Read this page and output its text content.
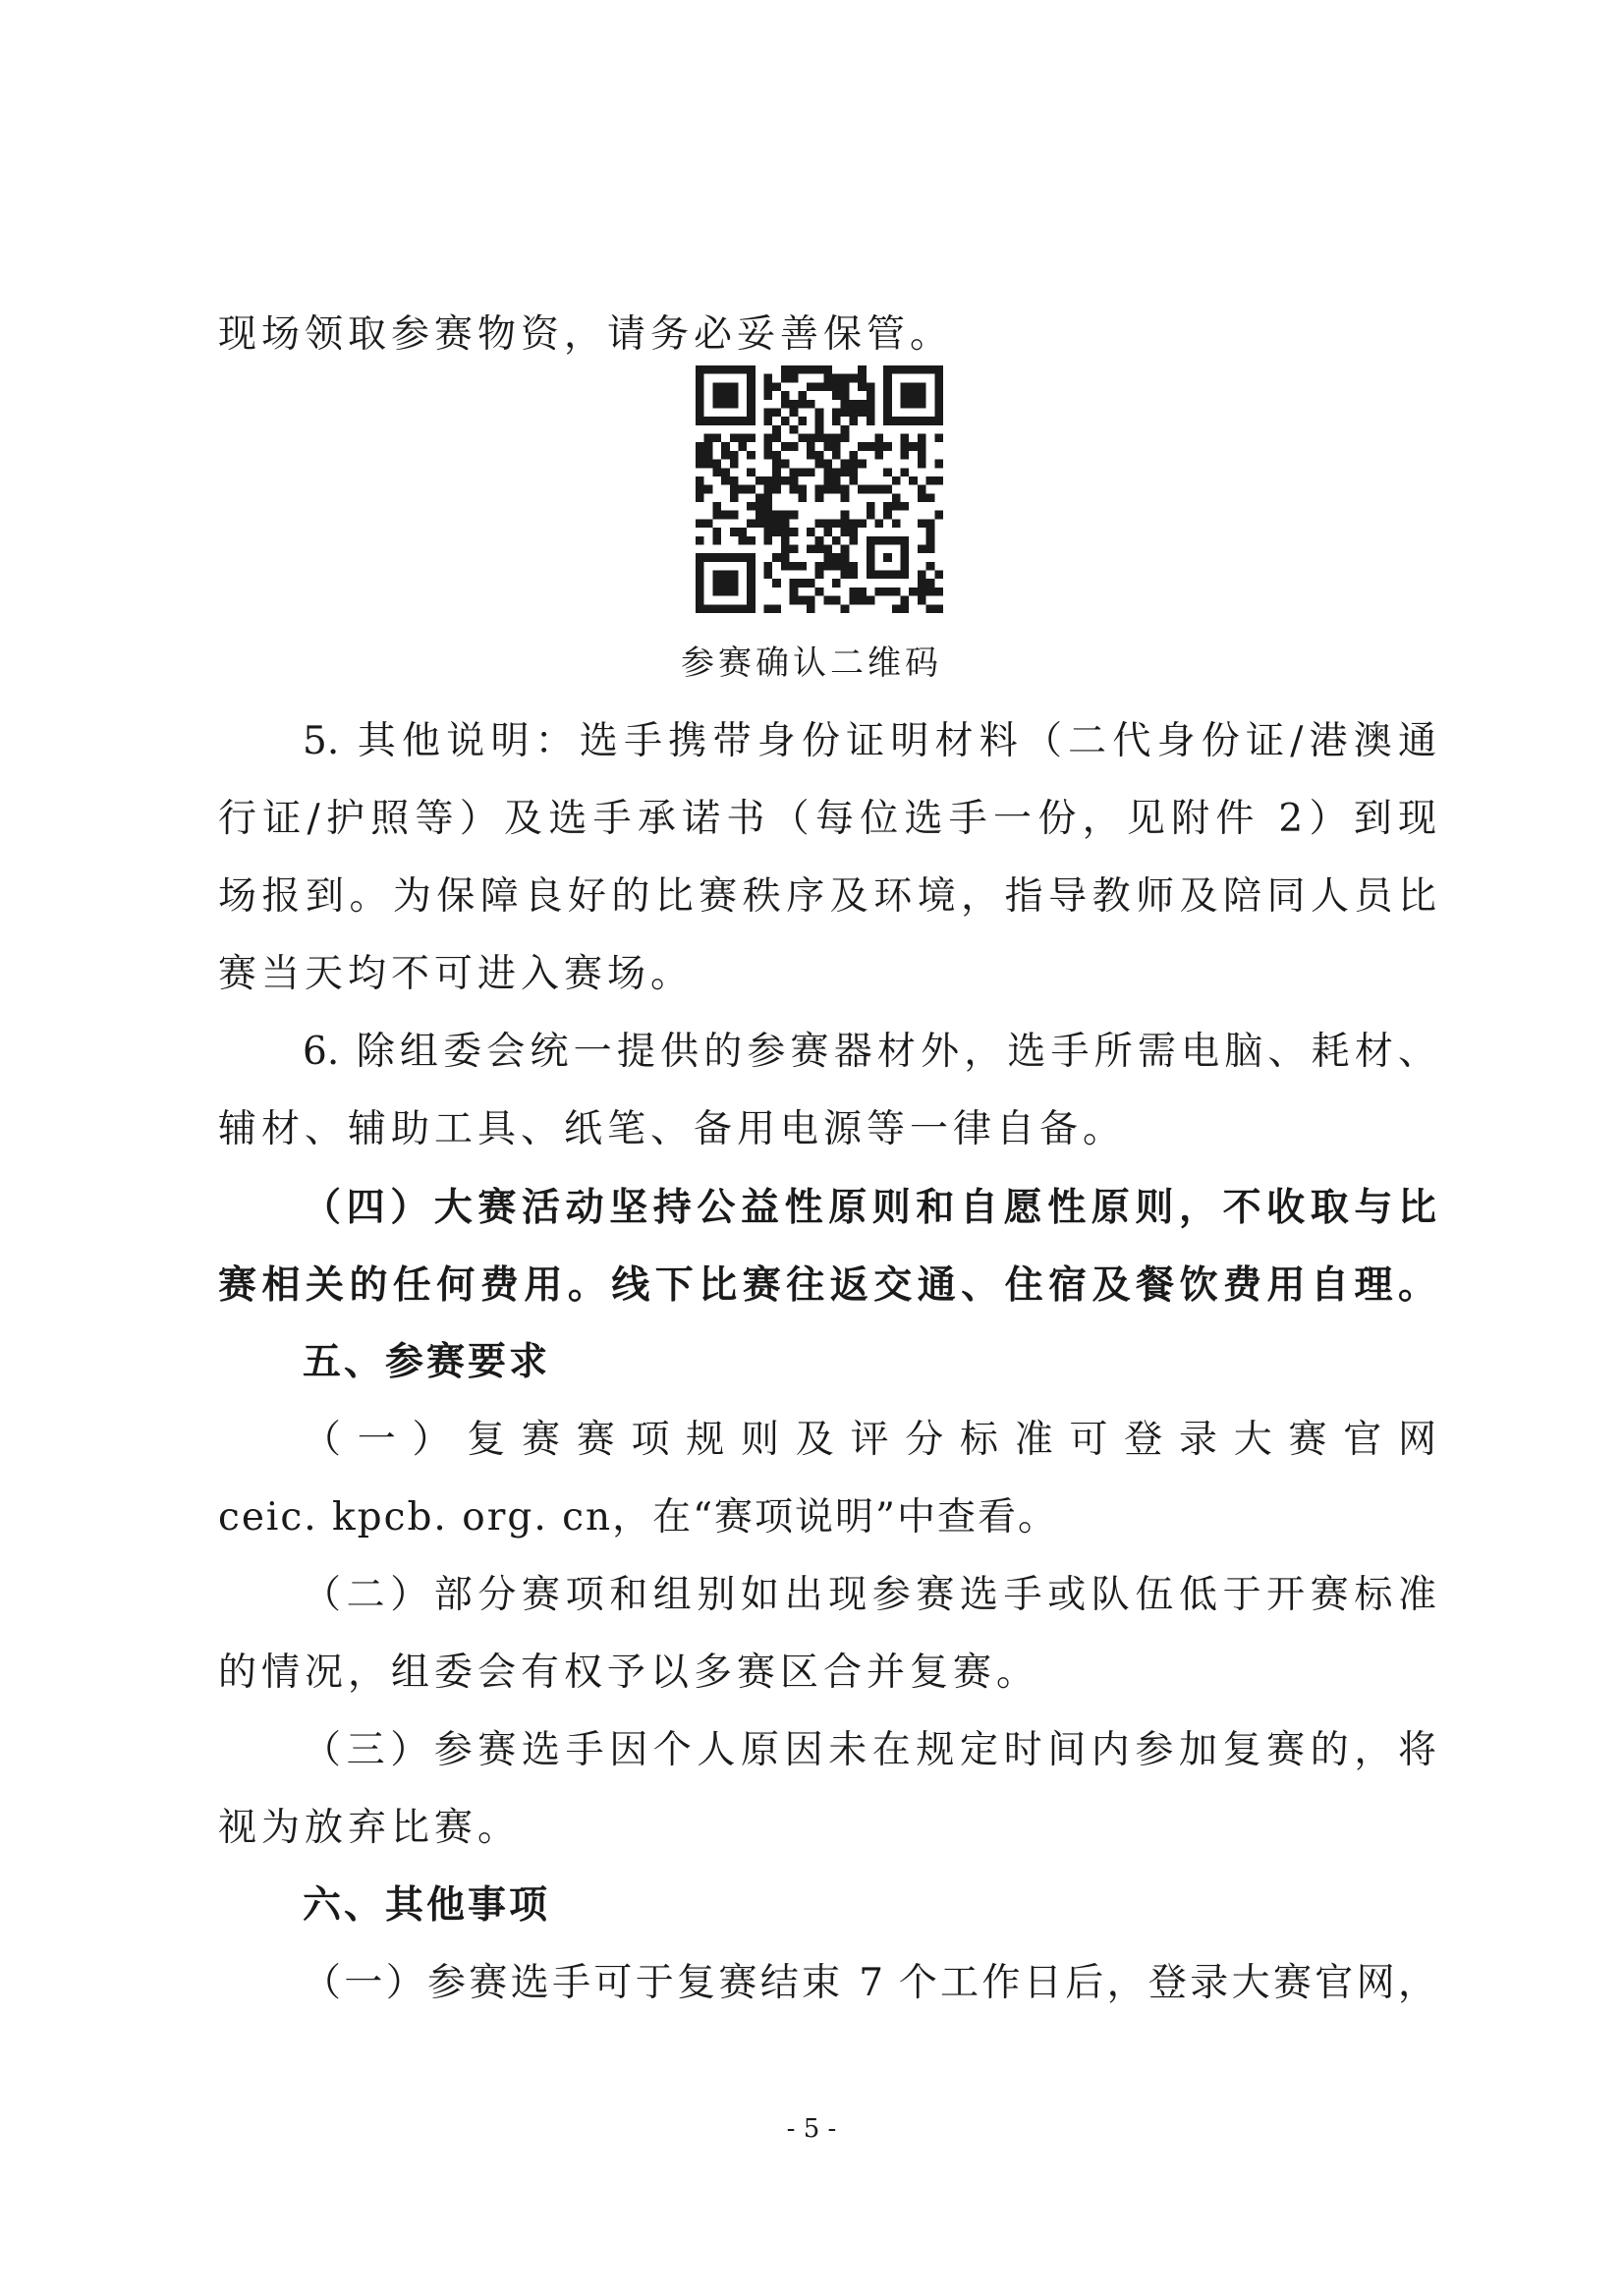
现场领取参赛物资，请务必妥善保管。
参赛确认二维码
5. 其他说明：选手携带身份证明材料（二代身份证/港澳通
行证/护照等）及选手承诺书（每位选手一份，见附件 2）到现
场报到。为保障良好的比赛秩序及环境，指导教师及陪同人员比
赛当天均不可进入赛场。
6. 除组委会统一提供的参赛器材外，选手所需电脑、耗材、
辅材、辅助工具、纸笔、备用电源等一律自备。
（四）大赛活动坚持公益性原则和自愿性原则，不收取与比
赛相关的任何费用。线下比赛往返交通、住宿及餐饮费用自理。
五、参赛要求
（一）复赛赛项规则及评分标准可登录大赛官网
ceic. kpcb. org. cn，在“赛项说明”中查看。
（二）部分赛项和组别如出现参赛选手或队伍低于开赛标准
的情况，组委会有权予以多赛区合并复赛。
（三）参赛选手因个人原因未在规定时间内参加复赛的，将
视为放弃比赛。
六、其他事项
（一）参赛选手可于复赛结束 7 个工作日后，登录大赛官网，
- 5 -
